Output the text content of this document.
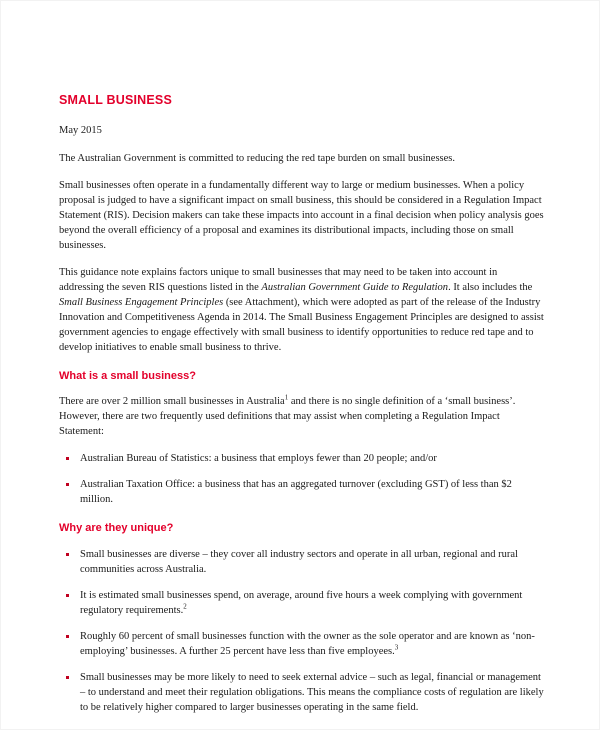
SMALL BUSINESS

May 2015

The Australian Government is committed to reducing the red tape burden on small businesses.

Small businesses often operate in a fundamentally different way to large or medium businesses. When a policy proposal is judged to have a significant impact on small business, this should be considered in a Regulation Impact Statement (RIS). Decision makers can take these impacts into account in a final decision when policy analysis goes beyond the overall efficiency of a proposal and examines its distributional impacts, including those on small businesses.

This guidance note explains factors unique to small businesses that may need to be taken into account in addressing the seven RIS questions listed in the Australian Government Guide to Regulation. It also includes the Small Business Engagement Principles (see Attachment), which were adopted as part of the release of the Industry Innovation and Competitiveness Agenda in 2014. The Small Business Engagement Principles are designed to assist government agencies to engage effectively with small business to identify opportunities to reduce red tape and to develop initiatives to enable small business to thrive.

What is a small business?

There are over 2 million small businesses in Australia$^1$ and there is no single definition of a ‘small business’. However, there are two frequently used definitions that may assist when completing a Regulation Impact Statement:

Australian Bureau of Statistics: a business that employs fewer than 20 people; and/or
Australian Taxation Office: a business that has an aggregated turnover (excluding GST) of less than $2 million.
Why are they unique?
Small businesses are diverse – they cover all industry sectors and operate in all urban, regional and rural communities across Australia.
It is estimated small businesses spend, on average, around five hours a week complying with government regulatory requirements.$^2$
Roughly 60 percent of small businesses function with the owner as the sole operator and are known as ‘non-employing’ businesses. A further 25 percent have less than five employees.$^3$
Small businesses may be more likely to need to seek external advice – such as legal, financial or management – to understand and meet their regulation obligations. This means the compliance costs of regulation are likely to be relatively higher compared to larger businesses operating in the same field.
